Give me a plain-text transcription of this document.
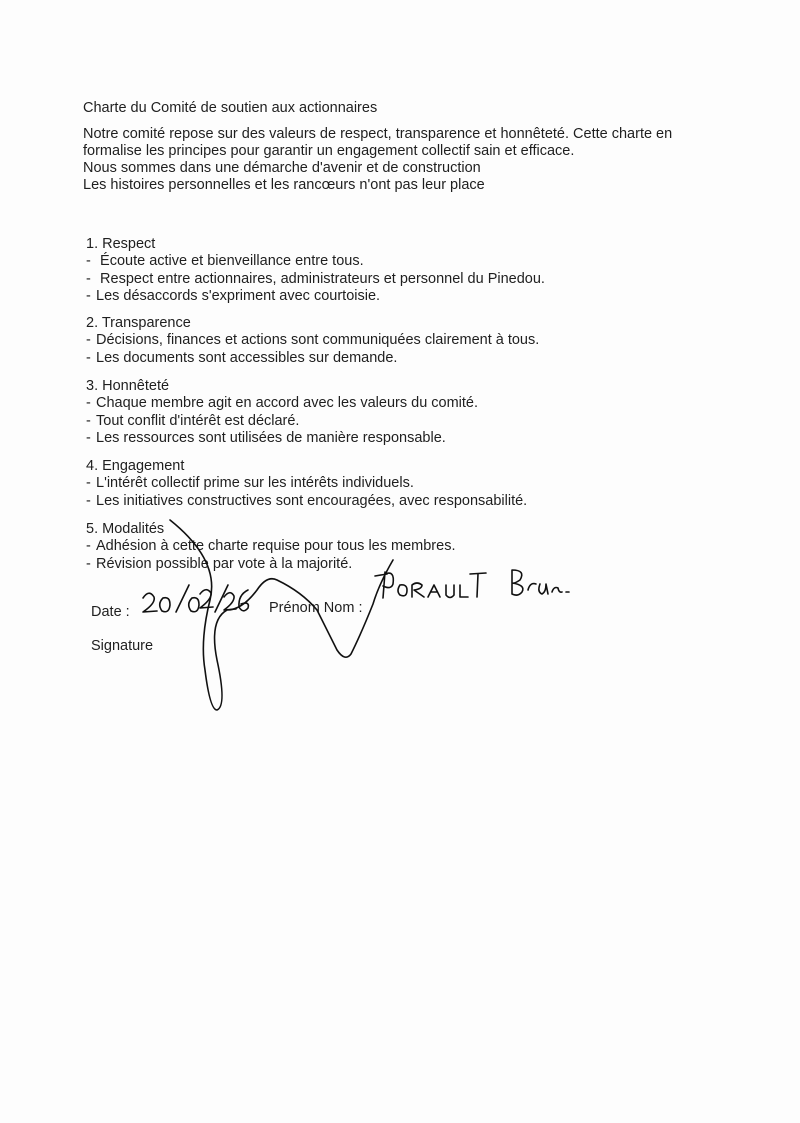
Charte du Comité de soutien aux actionnaires
Notre comité repose sur des valeurs de respect, transparence et honnêteté. Cette charte en
formalise les principes pour garantir un engagement collectif sain et efficace.
Nous sommes dans une démarche d'avenir et de construction
Les histoires personnelles et les rancœurs n'ont pas leur place
1. Respect
- Écoute active et bienveillance entre tous.
- Respect entre actionnaires, administrateurs et personnel du Pinedou.
- Les désaccords s'expriment avec courtoisie.
2. Transparence
- Décisions, finances et actions sont communiquées clairement à tous.
- Les documents sont accessibles sur demande.
3. Honnêteté
- Chaque membre agit en accord avec les valeurs du comité.
- Tout conflit d'intérêt est déclaré.
- Les ressources sont utilisées de manière responsable.
4. Engagement
- L'intérêt collectif prime sur les intérêts individuels.
- Les initiatives constructives sont encouragées, avec responsabilité.
5. Modalités
- Adhésion à cette charte requise pour tous les membres.
- Révision possible par vote à la majorité.
Date :	Prénom Nom :
Signature
